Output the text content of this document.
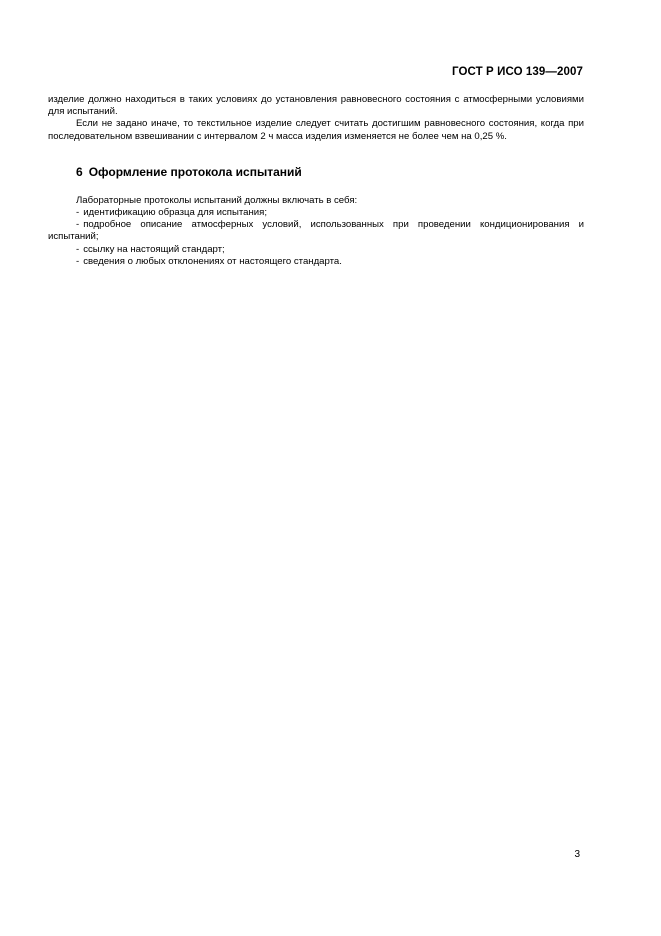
ГОСТ Р ИСО 139—2007

изделие должно находиться в таких условиях до установления равновесного состояния с атмосферными условиями для испытаний.

Если не задано иначе, то текстильное изделие следует считать достигшим равновесного состояния, когда при последовательном взвешивании с интервалом 2 ч масса изделия изменяется не более чем на 0,25 %.

6 Оформление протокола испытаний

Лабораторные протоколы испытаний должны включать в себя:

- идентификацию образца для испытания;
- подробное описание атмосферных условий, использованных при проведении кондиционирования и испытаний;
- ссылку на настоящий стандарт;
- сведения о любых отклонениях от настоящего стандарта.
3
